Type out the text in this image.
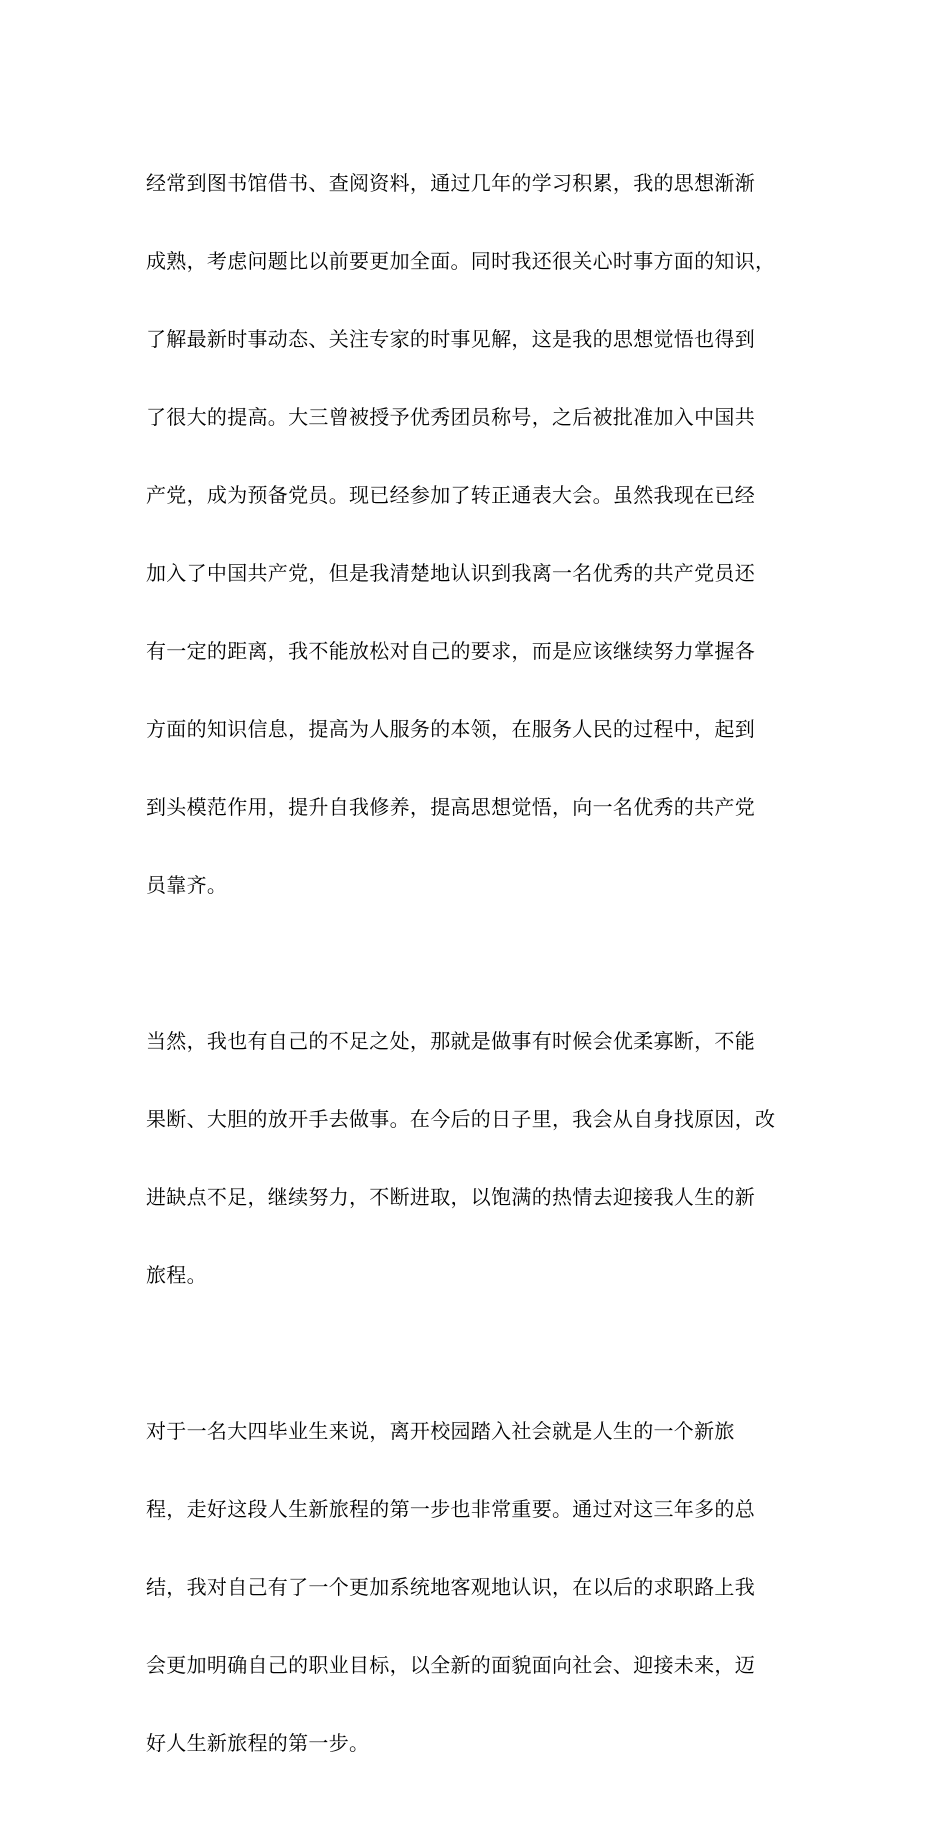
经常到图书馆借书、查阅资料，通过几年的学习积累，我的思想渐渐

成熟，考虑问题比以前要更加全面。同时我还很关心时事方面的知识，

了解最新时事动态、关注专家的时事见解，这是我的思想觉悟也得到

了很大的提高。大三曾被授予优秀团员称号，之后被批准加入中国共

产党，成为预备党员。现已经参加了转正通表大会。虽然我现在已经

加入了中国共产党，但是我清楚地认识到我离一名优秀的共产党员还

有一定的距离，我不能放松对自己的要求，而是应该继续努力掌握各

方面的知识信息，提高为人服务的本领，在服务人民的过程中，起到

到头模范作用，提升自我修养，提高思想觉悟，向一名优秀的共产党

员靠齐。

当然，我也有自己的不足之处，那就是做事有时候会优柔寡断，不能

果断、大胆的放开手去做事。在今后的日子里，我会从自身找原因，改

进缺点不足，继续努力，不断进取，以饱满的热情去迎接我人生的新

旅程。

对于一名大四毕业生来说，离开校园踏入社会就是人生的一个新旅

程，走好这段人生新旅程的第一步也非常重要。通过对这三年多的总

结，我对自己有了一个更加系统地客观地认识，在以后的求职路上我

会更加明确自己的职业目标，以全新的面貌面向社会、迎接未来，迈

好人生新旅程的第一步。
